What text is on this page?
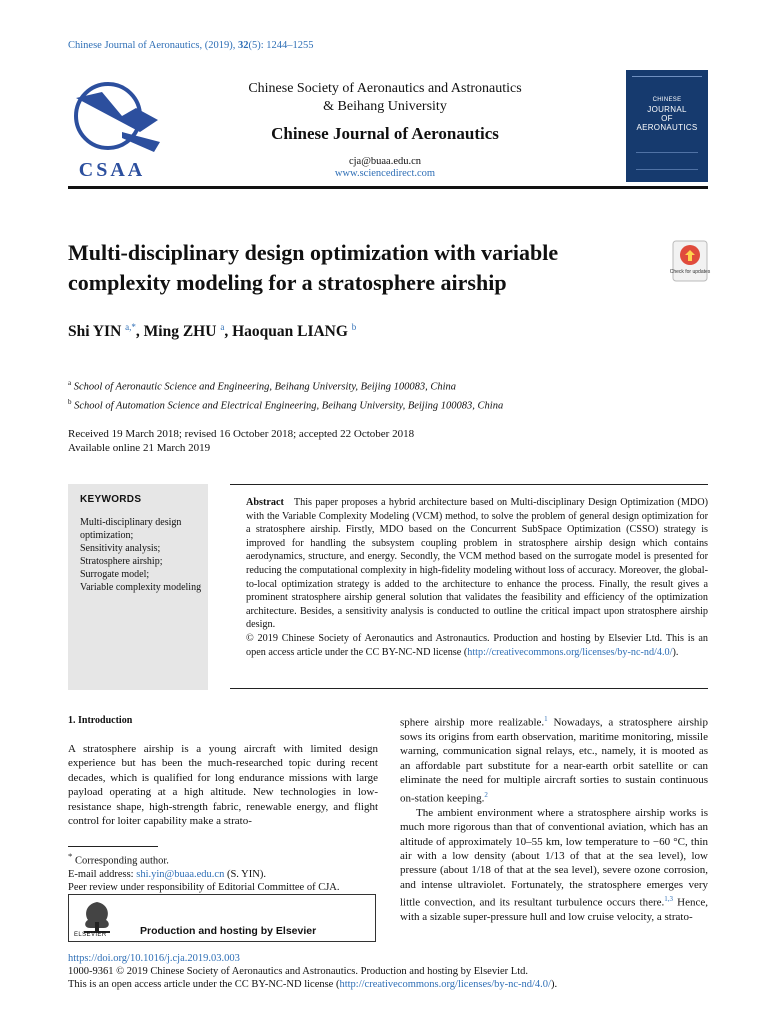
Chinese Journal of Aeronautics, (2019), 32(5): 1244–1255
CSAA
Chinese Society of Aeronautics and Astronautics
& Beihang University
Chinese Journal of Aeronautics
cja@buaa.edu.cn
www.sciencedirect.com
CHINESE
JOURNAL
OF
AERONAUTICS
Multi-disciplinary design optimization with variable
complexity modeling for a stratosphere airship	Check for updates
Shi YIN $^{a,*}$, Ming ZHU $^a$, Haoquan LIANG $^b$
$^a$ School of Aeronautic Science and Engineering, Beihang University, Beijing 100083, China
$^b$ School of Automation Science and Electrical Engineering, Beihang University, Beijing 100083, China
Received 19 March 2018; revised 16 October 2018; accepted 22 October 2018
Available online 21 March 2019
KEYWORDS
Multi-disciplinary design optimization;
Sensitivity analysis;
Stratosphere airship;
Surrogate model;
Variable complexity modeling
Abstract This paper proposes a hybrid architecture based on Multi-disciplinary Design Optimization (MDO) with the Variable Complexity Modeling (VCM) method, to solve the problem of general design optimization for a stratosphere airship. Firstly, MDO based on the Concurrent SubSpace Optimization (CSSO) strategy is improved for handling the subsystem coupling problem in stratosphere airship design which contains aerodynamics, structure, and energy. Secondly, the VCM method based on the surrogate model is presented for reducing the computational complexity in high-fidelity modeling without loss of accuracy. Moreover, the global-to-local optimization strategy is added to the architecture to enhance the process. Finally, the result gives a prominent stratosphere airship general solution that validates the feasibility and efficiency of the optimization architecture. Besides, a sensitivity analysis is conducted to outline the critical impact upon stratosphere airship design.
© 2019 Chinese Society of Aeronautics and Astronautics. Production and hosting by Elsevier Ltd. This is an open access article under the CC BY-NC-ND license (http://creativecommons.org/licenses/by-nc-nd/4.0/).
1. Introduction
A stratosphere airship is a young aircraft with limited design experience but has been the much-researched topic during recent decades, which is qualified for long endurance missions with large payload operating at a high altitude. New technologies in low-resistance shape, high-strength fabric, renewable energy, and flight control for loiter capability make a strato-
* Corresponding author.
E-mail address: shi.yin@buaa.edu.cn (S. YIN).
Peer review under responsibility of Editorial Committee of CJA.
ELSEVIER	Production and hosting by Elsevier

sphere airship more realizable.$^1$ Nowadays, a stratosphere airship sows its origins from earth observation, maritime monitoring, missile warning, communication signal relays, etc., namely, it is mooted as an affordable part substitute for a near-earth orbit satellite or can eliminate the need for multiple aircraft sorties to sustain continuous on-station keeping.$^2$

The ambient environment where a stratosphere airship works is much more rigorous than that of conventional aviation, which has an altitude of approximately 10–55 km, low temperature to −60 °C, thin air with a low density (about 1/13 of that at the sea level), low pressure (about 1/18 of that at the sea level), severe ozone corrosion, and intense ultraviolet. Fortunately, the stratosphere emerges very little convection, and its resultant turbulence occurs there.$^{1,3}$ Hence, with a sizable super-pressure hull and low cruise velocity, a strato-

https://doi.org/10.1016/j.cja.2019.03.003
1000-9361 © 2019 Chinese Society of Aeronautics and Astronautics. Production and hosting by Elsevier Ltd.
This is an open access article under the CC BY-NC-ND license (http://creativecommons.org/licenses/by-nc-nd/4.0/).
